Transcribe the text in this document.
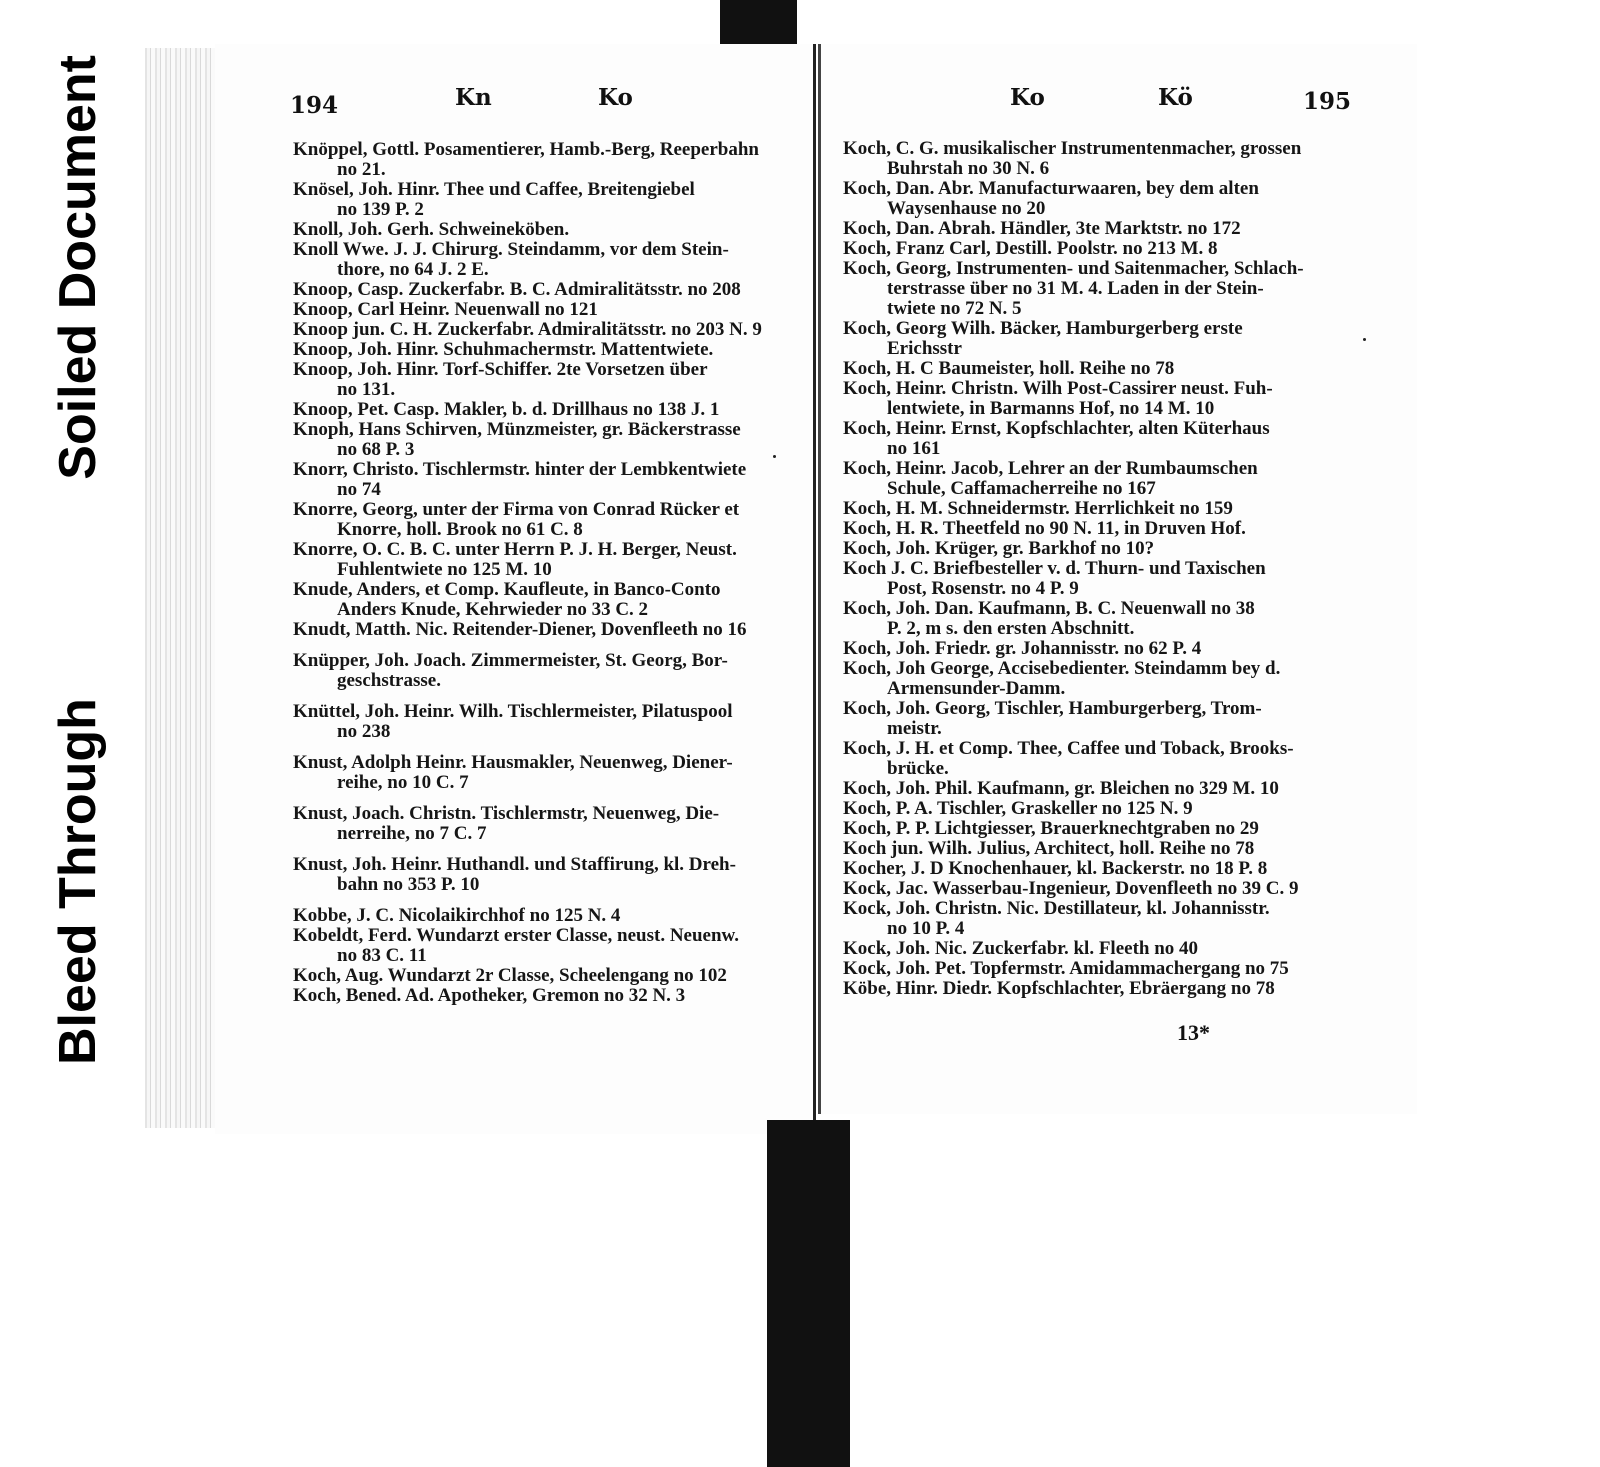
Bleed Through
Soiled Document	194	Kn	Ko	Ko	Kö	195
Knöppel, Gottl. Posamentierer, Hamb.-Berg, Reeperbahn
no 21.
Knösel, Joh. Hinr. Thee und Caffee, Breitengiebel
no 139 P. 2
Knoll, Joh. Gerh. Schweineköben.
Knoll Wwe. J. J. Chirurg. Steindamm, vor dem Stein-
thore, no 64 J. 2 E.
Knoop, Casp. Zuckerfabr. B. C. Admiralitätsstr. no 208
Knoop, Carl Heinr. Neuenwall no 121
Knoop jun. C. H. Zuckerfabr. Admiralitätsstr. no 203 N. 9
Knoop, Joh. Hinr. Schuhmachermstr. Mattentwiete.
Knoop, Joh. Hinr. Torf-Schiffer. 2te Vorsetzen über
no 131.
Knoop, Pet. Casp. Makler, b. d. Drillhaus no 138 J. 1
Knoph, Hans Schirven, Münzmeister, gr. Bäckerstrasse
no 68 P. 3
Knorr, Christo. Tischlermstr. hinter der Lembkentwiete
no 74
Knorre, Georg, unter der Firma von Conrad Rücker et
Knorre, holl. Brook no 61 C. 8
Knorre, O. C. B. C. unter Herrn P. J. H. Berger, Neust.
Fuhlentwiete no 125 M. 10
Knude, Anders, et Comp. Kaufleute, in Banco-Conto
Anders Knude, Kehrwieder no 33 C. 2
Knudt, Matth. Nic. Reitender-Diener, Dovenfleeth no 16
Knüpper, Joh. Joach. Zimmermeister, St. Georg, Bor-
geschstrasse.
Knüttel, Joh. Heinr. Wilh. Tischlermeister, Pilatuspool
no 238
Knust, Adolph Heinr. Hausmakler, Neuenweg, Diener-
reihe, no 10 C. 7
Knust, Joach. Christn. Tischlermstr, Neuenweg, Die-
nerreihe, no 7 C. 7
Knust, Joh. Heinr. Huthandl. und Staffirung, kl. Dreh-
bahn no 353 P. 10
Kobbe, J. C. Nicolaikirchhof no 125 N. 4
Kobeldt, Ferd. Wundarzt erster Classe, neust. Neuenw.
no 83 C. 11
Koch, Aug. Wundarzt 2r Classe, Scheelengang no 102
Koch, Bened. Ad. Apotheker, Gremon no 32 N. 3
Koch, C. G. musikalischer Instrumentenmacher, grossen
Buhrstah no 30 N. 6
Koch, Dan. Abr. Manufacturwaaren, bey dem alten
Waysenhause no 20
Koch, Dan. Abrah. Händler, 3te Marktstr. no 172
Koch, Franz Carl, Destill. Poolstr. no 213 M. 8
Koch, Georg, Instrumenten- und Saitenmacher, Schlach-
terstrasse über no 31 M. 4. Laden in der Stein-
twiete no 72 N. 5
Koch, Georg Wilh. Bäcker, Hamburgerberg erste
Erichsstr
Koch, H. C Baumeister, holl. Reihe no 78
Koch, Heinr. Christn. Wilh Post-Cassirer neust. Fuh-
lentwiete, in Barmanns Hof, no 14 M. 10
Koch, Heinr. Ernst, Kopfschlachter, alten Küterhaus
no 161
Koch, Heinr. Jacob, Lehrer an der Rumbaumschen
Schule, Caffamacherreihe no 167
Koch, H. M. Schneidermstr. Herrlichkeit no 159
Koch, H. R. Theetfeld no 90 N. 11, in Druven Hof.
Koch, Joh. Krüger, gr. Barkhof no 10?
Koch J. C. Briefbesteller v. d. Thurn- und Taxischen
Post, Rosenstr. no 4 P. 9
Koch, Joh. Dan. Kaufmann, B. C. Neuenwall no 38
P. 2, m s. den ersten Abschnitt.
Koch, Joh. Friedr. gr. Johannisstr. no 62 P. 4
Koch, Joh George, Accisebedienter. Steindamm bey d.
Armensunder-Damm.
Koch, Joh. Georg, Tischler, Hamburgerberg, Trom-
meistr.
Koch, J. H. et Comp. Thee, Caffee und Toback, Brooks-
brücke.
Koch, Joh. Phil. Kaufmann, gr. Bleichen no 329 M. 10
Koch, P. A. Tischler, Graskeller no 125 N. 9
Koch, P. P. Lichtgiesser, Brauerknechtgraben no 29
Koch jun. Wilh. Julius, Architect, holl. Reihe no 78
Kocher, J. D Knochenhauer, kl. Backerstr. no 18 P. 8
Kock, Jac. Wasserbau-Ingenieur, Dovenfleeth no 39 C. 9
Kock, Joh. Christn. Nic. Destillateur, kl. Johannisstr.
no 10 P. 4
Kock, Joh. Nic. Zuckerfabr. kl. Fleeth no 40
Kock, Joh. Pet. Topfermstr. Amidammachergang no 75
Köbe, Hinr. Diedr. Kopfschlachter, Ebräergang no 78
13*
